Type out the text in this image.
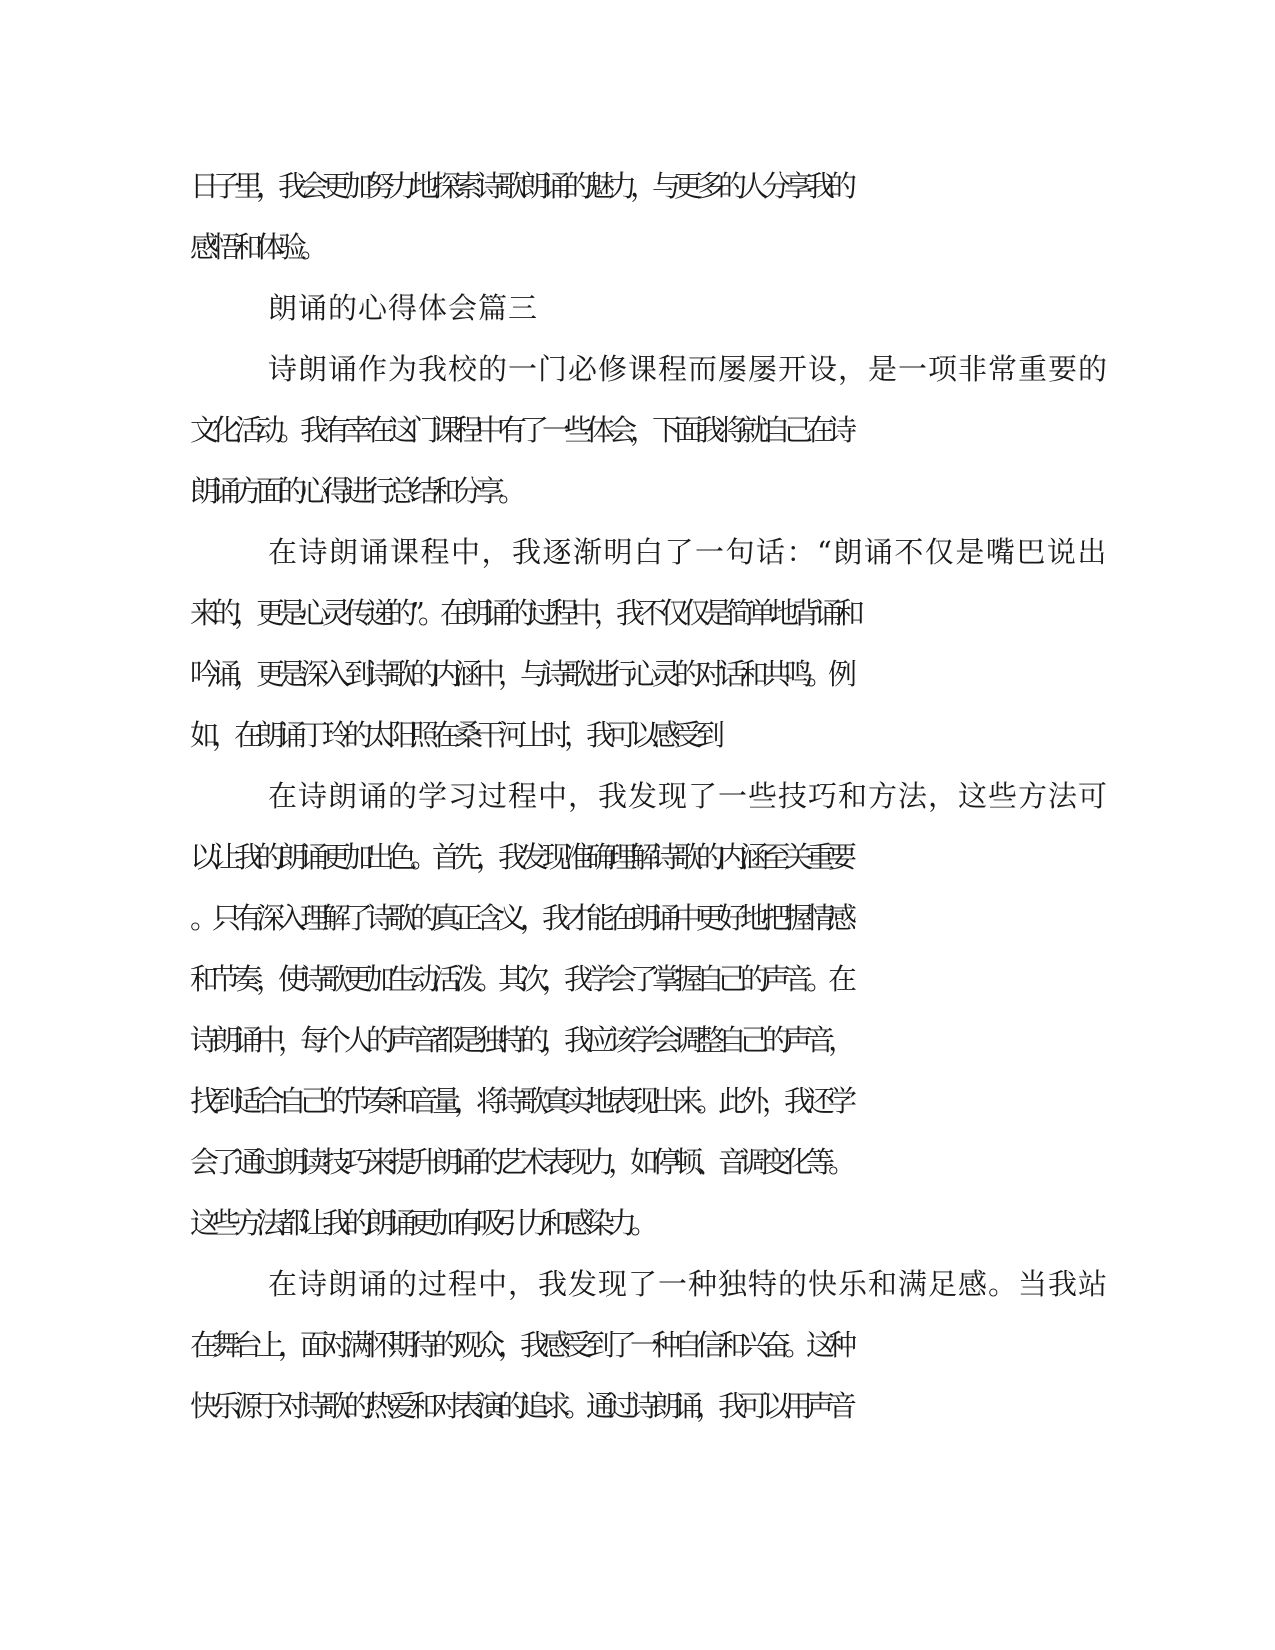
日子里，我会更加努力地探索诗歌朗诵的魅力，与更多的人分享我的
感悟和体验。
朗诵的心得体会篇三
诗朗诵作为我校的一门必修课程而屡屡开设，是一项非常重要的
文化活动。我有幸在这门课程中有了一些体会，下面我将就自己在诗
朗诵方面的心得进行总结和分享。
在诗朗诵课程中，我逐渐明白了一句话：“朗诵不仅是嘴巴说出
来的，更是心灵传递的”。在朗诵的过程中，我不仅仅是简单地背诵和
吟诵，更是深入到诗歌的内涵中，与诗歌进行心灵的对话和共鸣。例
如，在朗诵丁玲的太阳照在桑干河上时，我可以感受到
在诗朗诵的学习过程中，我发现了一些技巧和方法，这些方法可
以让我的朗诵更加出色。首先，我发现准确理解诗歌的内涵至关重要
。只有深入理解了诗歌的真正含义，我才能在朗诵中更好地把握情感
和节奏，使诗歌更加生动活泼。其次，我学会了掌握自己的声音。在
诗朗诵中，每个人的声音都是独特的，我应该学会调整自己的声音，
找到适合自己的节奏和音量，将诗歌真实地表现出来。此外，我还学
会了通过朗读技巧来提升朗诵的艺术表现力，如停顿、音调变化等。
这些方法都让我的朗诵更加有吸引力和感染力。
在诗朗诵的过程中，我发现了一种独特的快乐和满足感。当我站
在舞台上，面对满怀期待的观众，我感受到了一种自信和兴奋。这种
快乐源于对诗歌的热爱和对表演的追求。通过诗朗诵，我可以用声音
